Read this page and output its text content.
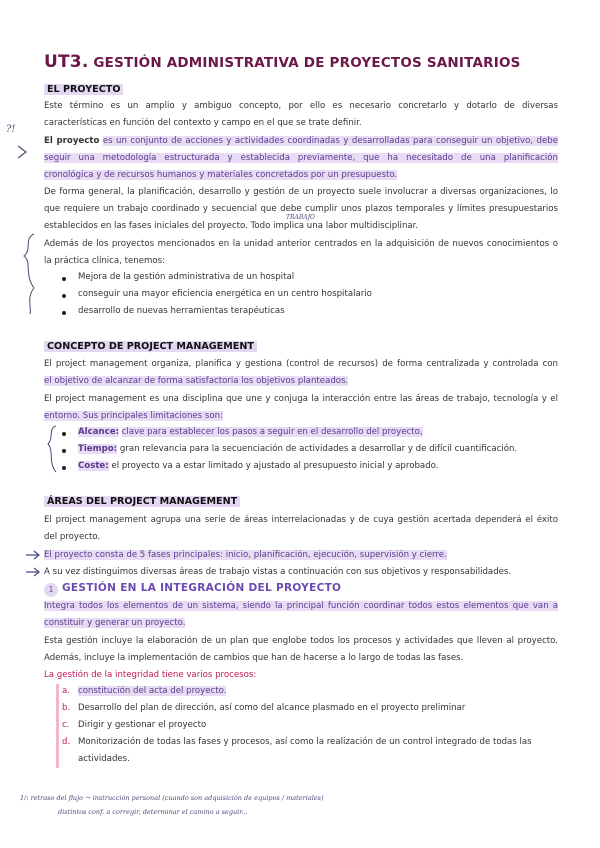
UT3. GESTIÓN ADMINISTRATIVA DE PROYECTOS SANITARIOS
EL PROYECTO
Este término es un amplio y ambiguo concepto, por ello es necesario concretarlo y dotarlo de diversas
características en función del contexto y campo en el que se trate definir.
El proyecto es un conjunto de acciones y actividades coordinadas y desarrolladas para conseguir un objetivo, debe
seguir una metodología estructurada y establecida previamente, que ha necesitado de una planificación
cronológica y de recursos humanos y materiales concretados por un presupuesto.
De forma general, la planificación, desarrollo y gestión de un proyecto suele involucrar a diversas organizaciones, lo
que requiere un trabajo coordinado y secuencial que debe cumplir unos plazos temporales y límites presupuestarios
establecidos en las fases iniciales del proyecto. Todo implica una labor multidisciplinar.
TRABAJO
Además de los proyectos mencionados en la unidad anterior centrados en la adquisición de nuevos conocimientos o
la práctica clínica, tenemos:
Mejora de la gestión administrativa de un hospital
conseguir una mayor eficiencia energética en un centro hospitalario
desarrollo de nuevas herramientas terapéuticas
?!
CONCEPTO DE PROJECT MANAGEMENT
El project management organiza, planifica y gestiona (control de recursos) de forma centralizada y controlada con
el objetivo de alcanzar de forma satisfactoria los objetivos planteados.
El project management es una disciplina que une y conjuga la interacción entre las áreas de trabajo, tecnología y el
entorno. Sus principales limitaciones son:
Alcance: clave para establecer los pasos a seguir en el desarrollo del proyecto,
Tiempo: gran relevancia para la secuenciación de actividades a desarrollar y de difícil cuantificación.
Coste: el proyecto va a estar limitado y ajustado al presupuesto inicial y aprobado.
ÁREAS DEL PROJECT MANAGEMENT
El project management agrupa una serie de áreas interrelacionadas y de cuya gestión acertada dependerá el éxito
del proyecto.
El proyecto consta de 5 fases principales: inicio, planificación, ejecución, supervisión y cierre.
A su vez distinguimos diversas áreas de trabajo vistas a continuación con sus objetivos y responsabilidades.
1 GESTIÓN EN LA INTEGRACIÓN DEL PROYECTO
Integra todos los elementos de un sistema, siendo la principal función coordinar todos estos elementos que van a
constituir y generar un proyecto.
Esta gestión incluye la elaboración de un plan que englobe todos los procesos y actividades que lleven al proyecto.
Además, incluye la implementación de cambios que han de hacerse a lo largo de todas las fases.
La gestión de la integridad tiene varios procesos:
a. constitución del acta del proyecto.
b. Desarrollo del plan de dirección, así como del alcance plasmado en el proyecto preliminar
c. Dirigir y gestionar el proyecto
d. Monitorización de todas las fases y procesos, así como la realización de un control integrado de todas las
actividades.
1/: retraso del flujo → instrucción personal (cuando son adquisición de equipos / materiales)
distintos conf. a corregir, determinar el camino a seguir...
